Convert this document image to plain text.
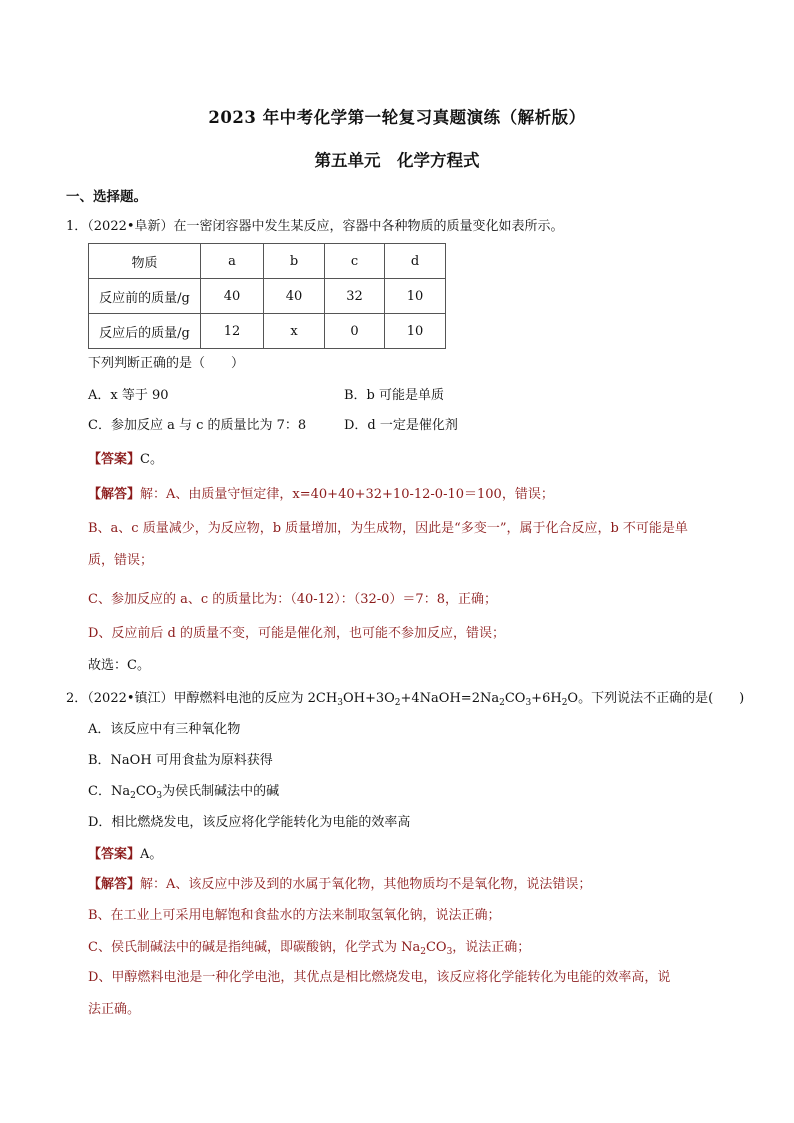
2023 年中考化学第一轮复习真题演练（解析版）
第五单元　化学方程式
一、选择题。
1．（2022•阜新）在一密闭容器中发生某反应，容器中各种物质的质量变化如表所示。
物质	a	b	c	d
反应前的质量/g	40	40	32	10
反应后的质量/g	12	x	0	10
下列判断正确的是（　　）
A．x 等于 90	B．b 可能是单质
C．参加反应 a 与 c 的质量比为 7：8	D．d 一定是催化剂
【答案】C。
【解答】解：A、由质量守恒定律，x=40+40+32+10-12-0-10＝100，错误；
B、a、c 质量减少，为反应物，b 质量增加，为生成物，因此是“多变一”，属于化合反应，b 不可能是单
质，错误；
C、参加反应的 a、c 的质量比为：（40-12）：（32-0）＝7：8，正确；
D、反应前后 d 的质量不变，可能是催化剂，也可能不参加反应，错误；
故选：C。
2．（2022•镇江）甲醇燃料电池的反应为 $2CH_3OH+3O_2+4NaOH=2Na_2CO_3+6H_2O$。下列说法不正确的是(　　)
A．该反应中有三种氧化物
B．NaOH 可用食盐为原料获得
C．$Na_2CO_3$为侯氏制碱法中的碱
D．相比燃烧发电，该反应将化学能转化为电能的效率高
【答案】A。
【解答】解：A、该反应中涉及到的水属于氧化物，其他物质均不是氧化物，说法错误；
B、在工业上可采用电解饱和食盐水的方法来制取氢氧化钠，说法正确；
C、侯氏制碱法中的碱是指纯碱，即碳酸钠，化学式为 $Na_2CO_3$，说法正确；
D、甲醇燃料电池是一种化学电池，其优点是相比燃烧发电，该反应将化学能转化为电能的效率高，说
法正确。
